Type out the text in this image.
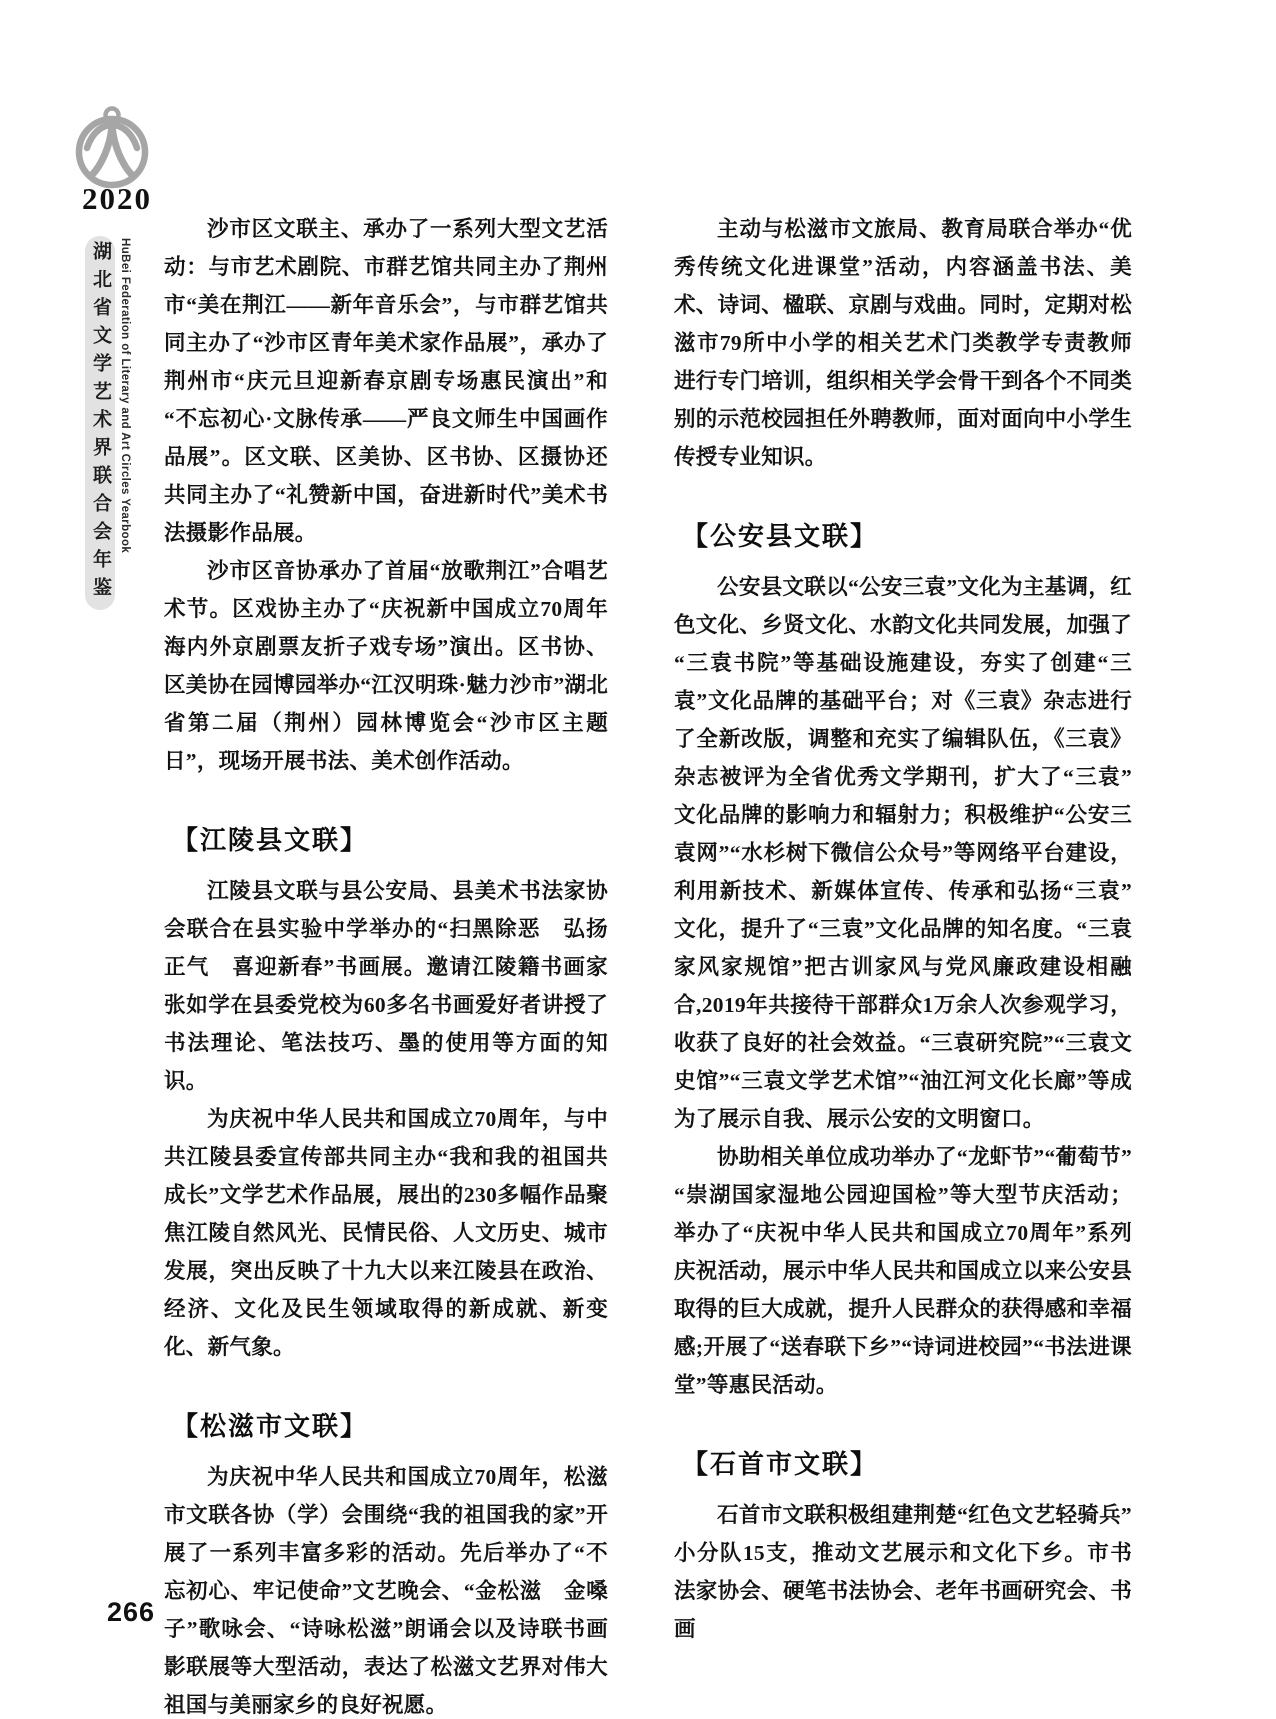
2020
湖北省文学艺术界联合会年鉴 HuBei Federation of Literary and Art Circles Yearbook

沙市区文联主、承办了一系列大型文艺活动：与市艺术剧院、市群艺馆共同主办了荆州市“美在荆江——新年音乐会”，与市群艺馆共同主办了“沙市区青年美术家作品展”，承办了荆州市“庆元旦迎新春京剧专场惠民演出”和“不忘初心·文脉传承——严良文师生中国画作品展”。区文联、区美协、区书协、区摄协还共同主办了“礼赞新中国，奋进新时代”美术书法摄影作品展。

沙市区音协承办了首届“放歌荆江”合唱艺术节。区戏协主办了“庆祝新中国成立70周年海内外京剧票友折子戏专场”演出。区书协、区美协在园博园举办“江汉明珠·魅力沙市”湖北省第二届（荆州）园林博览会“沙市区主题日”，现场开展书法、美术创作活动。

【江陵县文联】

江陵县文联与县公安局、县美术书法家协会联合在县实验中学举办的“扫黑除恶　弘扬正气　喜迎新春”书画展。邀请江陵籍书画家张如学在县委党校为60多名书画爱好者讲授了书法理论、笔法技巧、墨的使用等方面的知识。

为庆祝中华人民共和国成立70周年，与中共江陵县委宣传部共同主办“我和我的祖国共成长”文学艺术作品展，展出的230多幅作品聚焦江陵自然风光、民情民俗、人文历史、城市发展，突出反映了十九大以来江陵县在政治、经济、文化及民生领域取得的新成就、新变化、新气象。

【松滋市文联】

为庆祝中华人民共和国成立70周年，松滋市文联各协（学）会围绕“我的祖国我的家”开展了一系列丰富多彩的活动。先后举办了“不忘初心、牢记使命”文艺晚会、“金松滋　金嗓子”歌咏会、“诗咏松滋”朗诵会以及诗联书画影联展等大型活动，表达了松滋文艺界对伟大祖国与美丽家乡的良好祝愿。

主动与松滋市文旅局、教育局联合举办“优秀传统文化进课堂”活动，内容涵盖书法、美术、诗词、楹联、京剧与戏曲。同时，定期对松滋市79所中小学的相关艺术门类教学专责教师进行专门培训，组织相关学会骨干到各个不同类别的示范校园担任外聘教师，面对面向中小学生传授专业知识。

【公安县文联】

公安县文联以“公安三袁”文化为主基调，红色文化、乡贤文化、水韵文化共同发展，加强了“三袁书院”等基础设施建设，夯实了创建“三袁”文化品牌的基础平台；对《三袁》杂志进行了全新改版，调整和充实了编辑队伍，《三袁》杂志被评为全省优秀文学期刊，扩大了“三袁”文化品牌的影响力和辐射力；积极维护“公安三袁网”“水杉树下微信公众号”等网络平台建设，利用新技术、新媒体宣传、传承和弘扬“三袁”文化，提升了“三袁”文化品牌的知名度。“三袁家风家规馆”把古训家风与党风廉政建设相融合,2019年共接待干部群众1万余人次参观学习，收获了良好的社会效益。“三袁研究院”“三袁文史馆”“三袁文学艺术馆”“油江河文化长廊”等成为了展示自我、展示公安的文明窗口。

协助相关单位成功举办了“龙虾节”“葡萄节”“崇湖国家湿地公园迎国检”等大型节庆活动；举办了“庆祝中华人民共和国成立70周年”系列庆祝活动，展示中华人民共和国成立以来公安县取得的巨大成就，提升人民群众的获得感和幸福感;开展了“送春联下乡”“诗词进校园”“书法进课堂”等惠民活动。

【石首市文联】

石首市文联积极组建荆楚“红色文艺轻骑兵”小分队15支，推动文艺展示和文化下乡。市书法家协会、硬笔书法协会、老年书画研究会、书画

266
